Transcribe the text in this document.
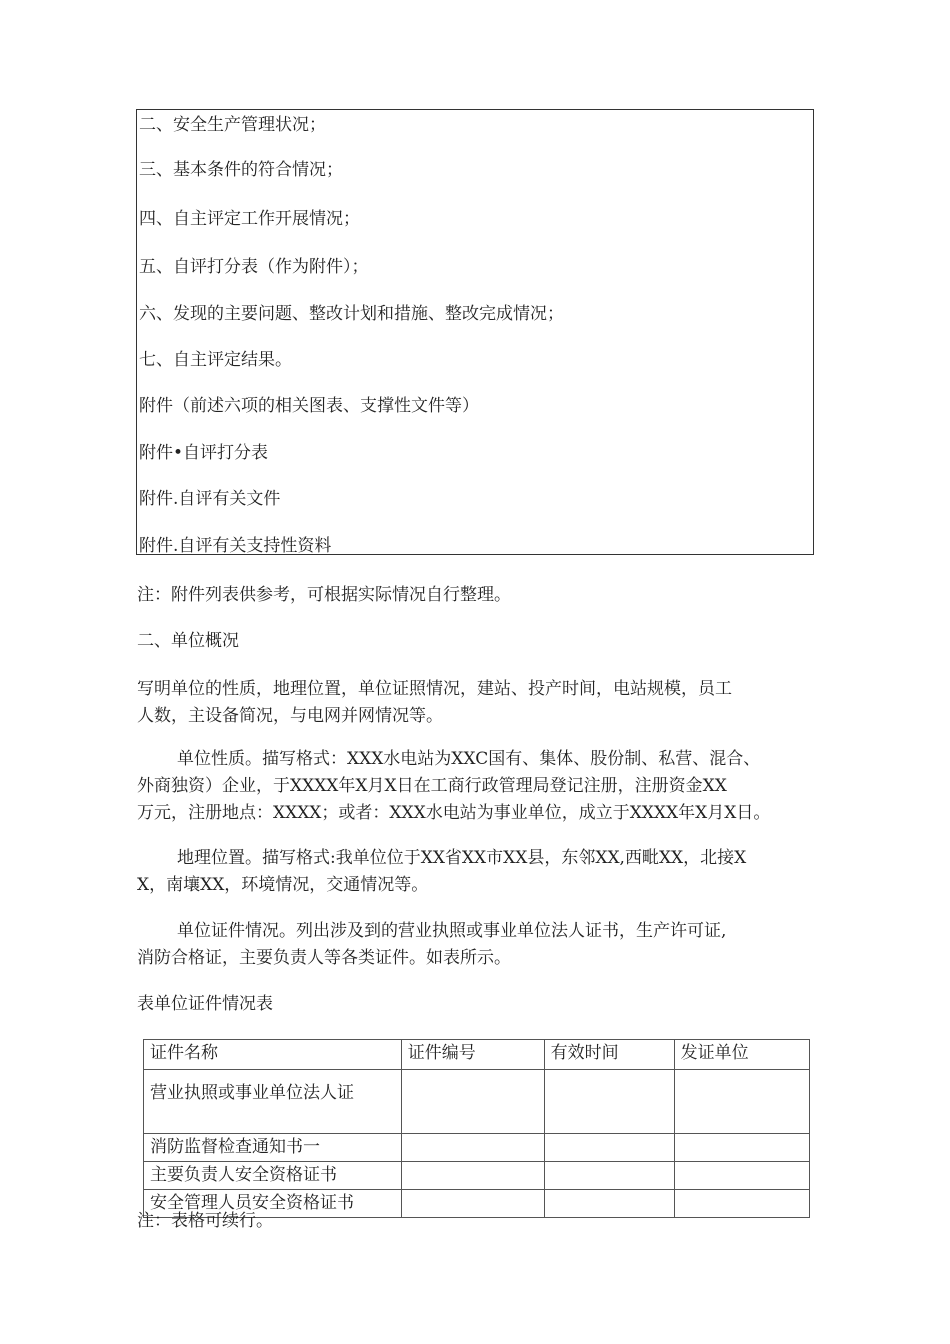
二、安全生产管理状况；
三、基本条件的符合情况；
四、自主评定工作开展情况；
五、自评打分表（作为附件）；
六、发现的主要问题、整改计划和措施、整改完成情况；
七、自主评定结果。
附件（前述六项的相关图表、支撑性文件等）
附件•自评打分表
附件.自评有关文件
附件.自评有关支持性资料
注：附件列表供参考，可根据实际情况自行整理。
二、单位概况
写明单位的性质，地理位置，单位证照情况，建站、投产时间，电站规模，员工
人数，主设备简况，与电网并网情况等。
单位性质。描写格式：XXX水电站为XXC国有、集体、股份制、私营、混合、
外商独资）企业，于XXXX年X月X日在工商行政管理局登记注册，注册资金XX
万元，注册地点：XXXX；或者：XXX水电站为事业单位，成立于XXXX年X月X日。
地理位置。描写格式:我单位位于XX省XX市XX县，东邻XX,西毗XX，北接X
X，南壤XX，环境情况，交通情况等。
单位证件情况。列出涉及到的营业执照或事业单位法人证书，生产许可证,
消防合格证，主要负责人等各类证件。如表所示。
表单位证件情况表
证件名称	证件编号	有效时间	发证单位
营业执照或事业单位法人证			
消防监督检查通知书一			
主要负责人安全资格证书			
安全管理人员安全资格证书			
注：表格可续行。
